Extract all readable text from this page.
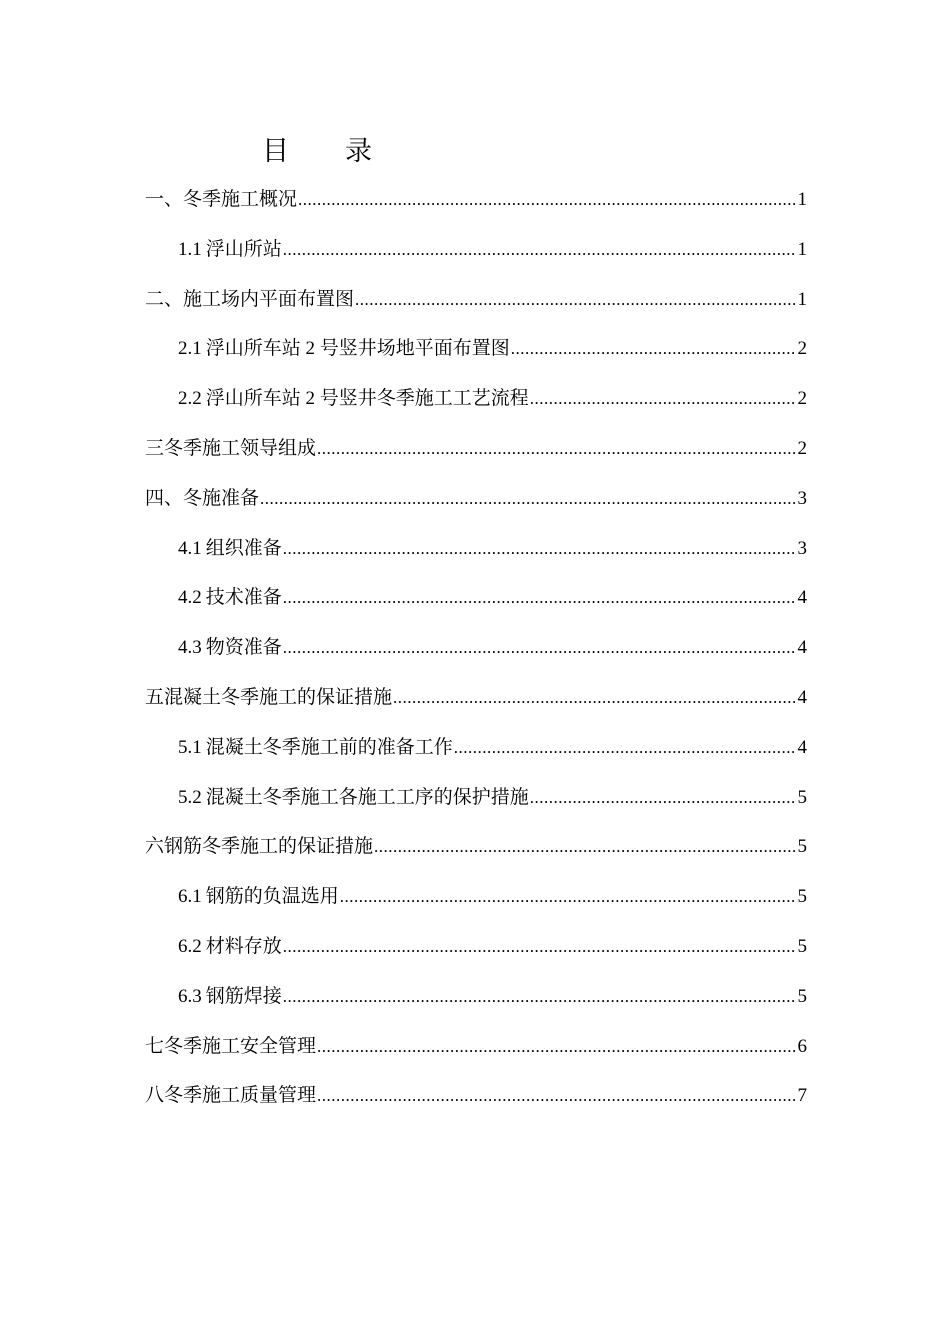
目 录
一、 冬季施工概况 .....	1
1.1 浮山所站 .....	1
二、 施工场内平面布置图 .....	1
2.1 浮山所车站 2 号竖井场地平面布置图 .....	2
2.2 浮山所车站 2 号竖井冬季施工工艺流程 .....	2
三 冬季施工领导组成 .....	2
四、 冬施准备 .....	3
4.1 组织准备 .....	3
4.2 技术准备 .....	4
4.3 物资准备 .....	4
五 混凝土冬季施工的保证措施 .....	4
5.1 混凝土冬季施工前的准备工作 .....	4
5.2 混凝土冬季施工各施工工序的保护措施 .....	5
六 钢筋冬季施工的保证措施 .....	5
6.1 钢筋的负温选用 .....	5
6.2 材料存放 .....	5
6.3 钢筋焊接 .....	5
七 冬季施工安全管理 .....	6
八 冬季施工质量管理 .....	7
